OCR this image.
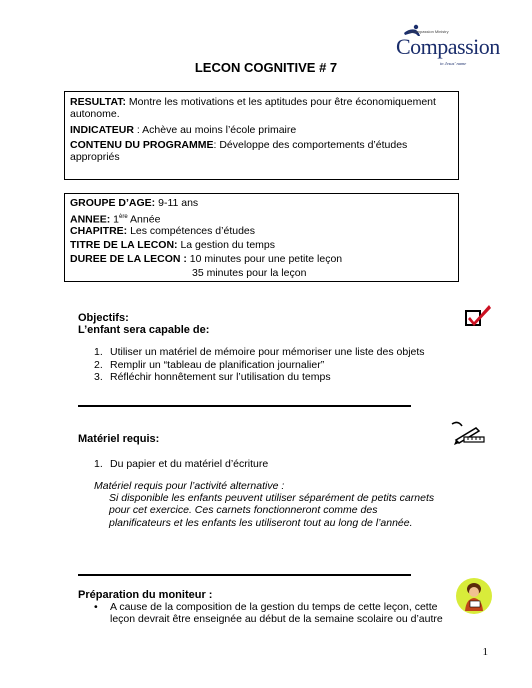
A Compassion Ministry
Compassion
in Jesus' name
LECON COGNITIVE # 7
RESULTAT: Montre les motivations et les aptitudes pour être économiquement
autonome.
INDICATEUR : Achève au moins l’école primaire
CONTENU DU PROGRAMME: Développe des comportements d’études
appropriés
GROUPE D’AGE: 9-11 ans
ANNEE: 1ère Année
CHAPITRE: Les compétences d’études
TITRE DE LA LECON: La gestion du temps
DUREE DE LA LECON : 10 minutes pour une petite leçon
35 minutes pour la leçon
Objectifs:
L’enfant sera capable de:
1. Utiliser un matériel de mémoire pour mémoriser une liste des objets
2. Remplir un “tableau de planification journalier”
3. Réfléchir honnêtement sur l’utilisation du temps
Matériel requis:
1. Du papier et du matériel d’écriture
Matériel requis pour l’activité alternative :
Si disponible les enfants peuvent utiliser séparément de petits carnets
pour cet exercice. Ces carnets fonctionneront comme des
planificateurs et les enfants les utiliseront tout au long de l’année.
Préparation du moniteur :
• A cause de la composition de la gestion du temps de cette leçon, cette
leçon devrait être enseignée au début de la semaine scolaire ou d’autre
1
